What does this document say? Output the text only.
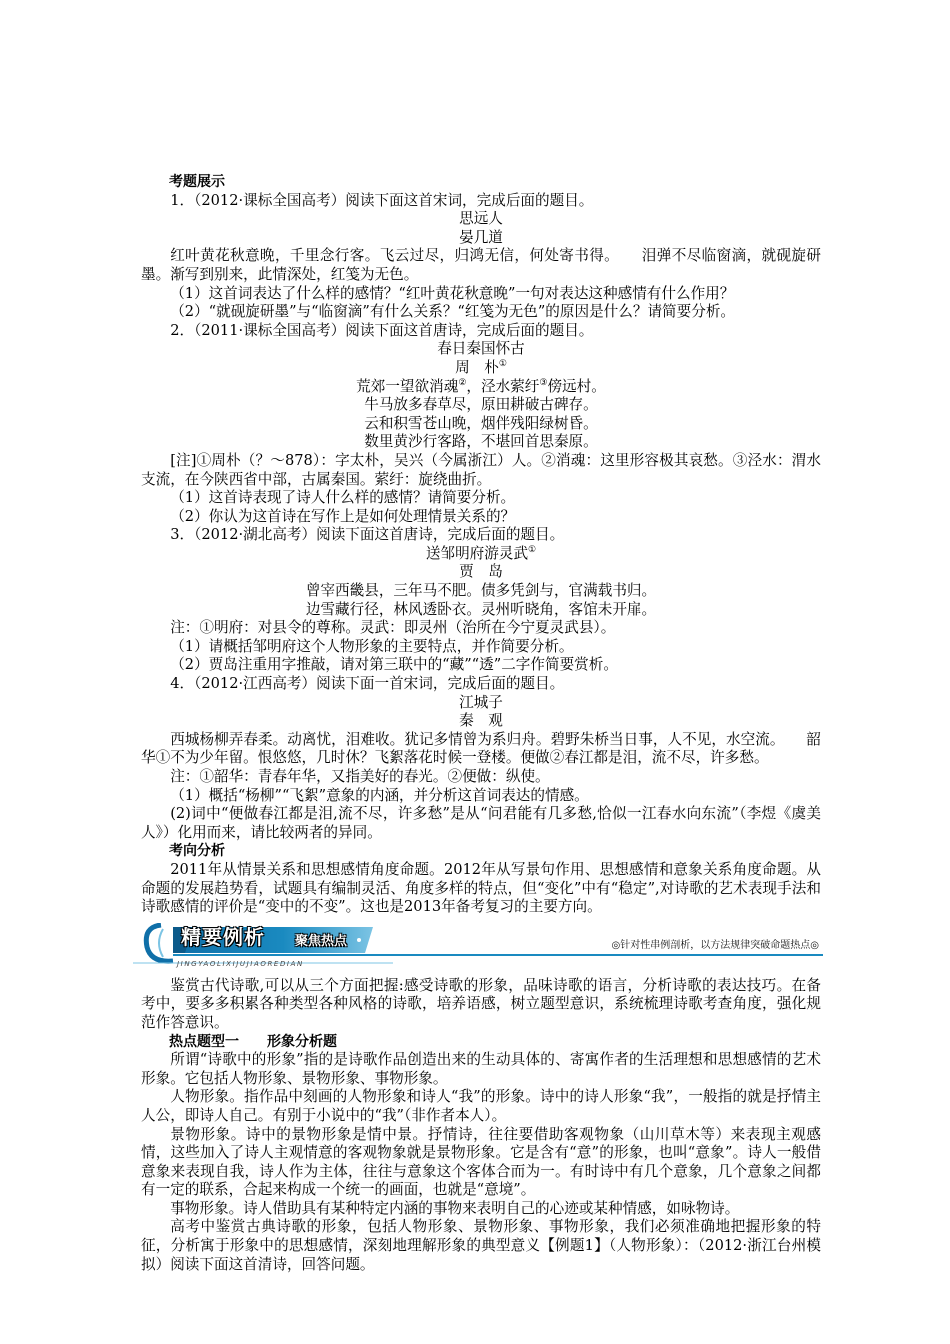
考题展示

1．（2012·课标全国高考）阅读下面这首宋词，完成后面的题目。

思远人

晏几道

红叶黄花秋意晚，千里念行客。飞云过尽，归鸿无信，何处寄书得。　　泪弹不尽临窗滴，就砚旋研墨。渐写到别来，此情深处，红笺为无色。

（1）这首词表达了什么样的感情？“红叶黄花秋意晚”一句对表达这种感情有什么作用？

（2）“就砚旋研墨”与“临窗滴”有什么关系？“红笺为无色”的原因是什么？请简要分析。

2．（2011·课标全国高考）阅读下面这首唐诗，完成后面的题目。

春日秦国怀古

周　朴①

荒郊一望欲消魂②，泾水萦纡③傍远村。

牛马放多春草尽，原田耕破古碑存。

云和积雪苍山晚，烟伴残阳绿树昏。

数里黄沙行客路，不堪回首思秦原。

[注]①周朴（？～878）：字太朴，吴兴（今属浙江）人。②消魂：这里形容极其哀愁。③泾水：渭水支流，在今陕西省中部，古属秦国。萦纡：旋绕曲折。

（1）这首诗表现了诗人什么样的感情？请简要分析。

（2）你认为这首诗在写作上是如何处理情景关系的？

3．（2012·湖北高考）阅读下面这首唐诗，完成后面的题目。

送邹明府游灵武①

贾　岛

曾宰西畿县，三年马不肥。债多凭剑与，官满载书归。

边雪藏行径，林风透卧衣。灵州听晓角，客馆未开扉。

注：①明府：对县令的尊称。灵武：即灵州（治所在今宁夏灵武县）。

（1）请概括邹明府这个人物形象的主要特点，并作简要分析。

（2）贾岛注重用字推敲，请对第三联中的“藏”“透”二字作简要赏析。

4．（2012·江西高考）阅读下面一首宋词，完成后面的题目。

江城子

秦　观

西城杨柳弄春柔。动离忧，泪难收。犹记多情曾为系归舟。碧野朱桥当日事，人不见，水空流。　　韶华①不为少年留。恨悠悠，几时休？飞絮落花时候一登楼。便做②春江都是泪，流不尽，许多愁。

注：①韶华：青春年华，又指美好的春光。②便做：纵使。

（1）概括“杨柳”“飞絮”意象的内涵，并分析这首词表达的情感。

(2)词中“便做春江都是泪,流不尽，许多愁”是从“问君能有几多愁,恰似一江春水向东流”（李煜《虞美人》）化用而来，请比较两者的异同。

考向分析

2011年从情景关系和思想感情角度命题。2012年从写景句作用、思想感情和意象关系角度命题。从命题的发展趋势看，试题具有编制灵活、角度多样的特点，但“变化”中有“稳定”,对诗歌的艺术表现手法和诗歌感情的评价是“变中的不变”。这也是2013年备考复习的主要方向。

精要例析 聚焦热点
JINGYAOLIXIJUJIAOREDIAN
◎针对性串例剖析，以方法规律突破命题热点◎

鉴赏古代诗歌,可以从三个方面把握:感受诗歌的形象，品味诗歌的语言，分析诗歌的表达技巧。在备考中，要多多积累各种类型各种风格的诗歌，培养语感，树立题型意识，系统梳理诗歌考查角度，强化规范作答意识。

热点题型一　　形象分析题

所谓“诗歌中的形象”指的是诗歌作品创造出来的生动具体的、寄寓作者的生活理想和思想感情的艺术形象。它包括人物形象、景物形象、事物形象。

人物形象。指作品中刻画的人物形象和诗人“我”的形象。诗中的诗人形象“我”，一般指的就是抒情主人公，即诗人自己。有别于小说中的“我”（非作者本人）。

景物形象。诗中的景物形象是情中景。抒情诗，往往要借助客观物象（山川草木等）来表现主观感情，这些加入了诗人主观情意的客观物象就是景物形象。它是含有“意”的形象，也叫“意象”。诗人一般借意象来表现自我，诗人作为主体，往往与意象这个客体合而为一。有时诗中有几个意象，几个意象之间都有一定的联系，合起来构成一个统一的画面，也就是“意境”。

事物形象。诗人借助具有某种特定内涵的事物来表明自己的心迹或某种情感，如咏物诗。

高考中鉴赏古典诗歌的形象，包括人物形象、景物形象、事物形象，我们必须准确地把握形象的特征，分析寓于形象中的思想感情，深刻地理解形象的典型意义【例题1】（人物形象）：（2012·浙江台州模拟）阅读下面这首清诗，回答问题。
